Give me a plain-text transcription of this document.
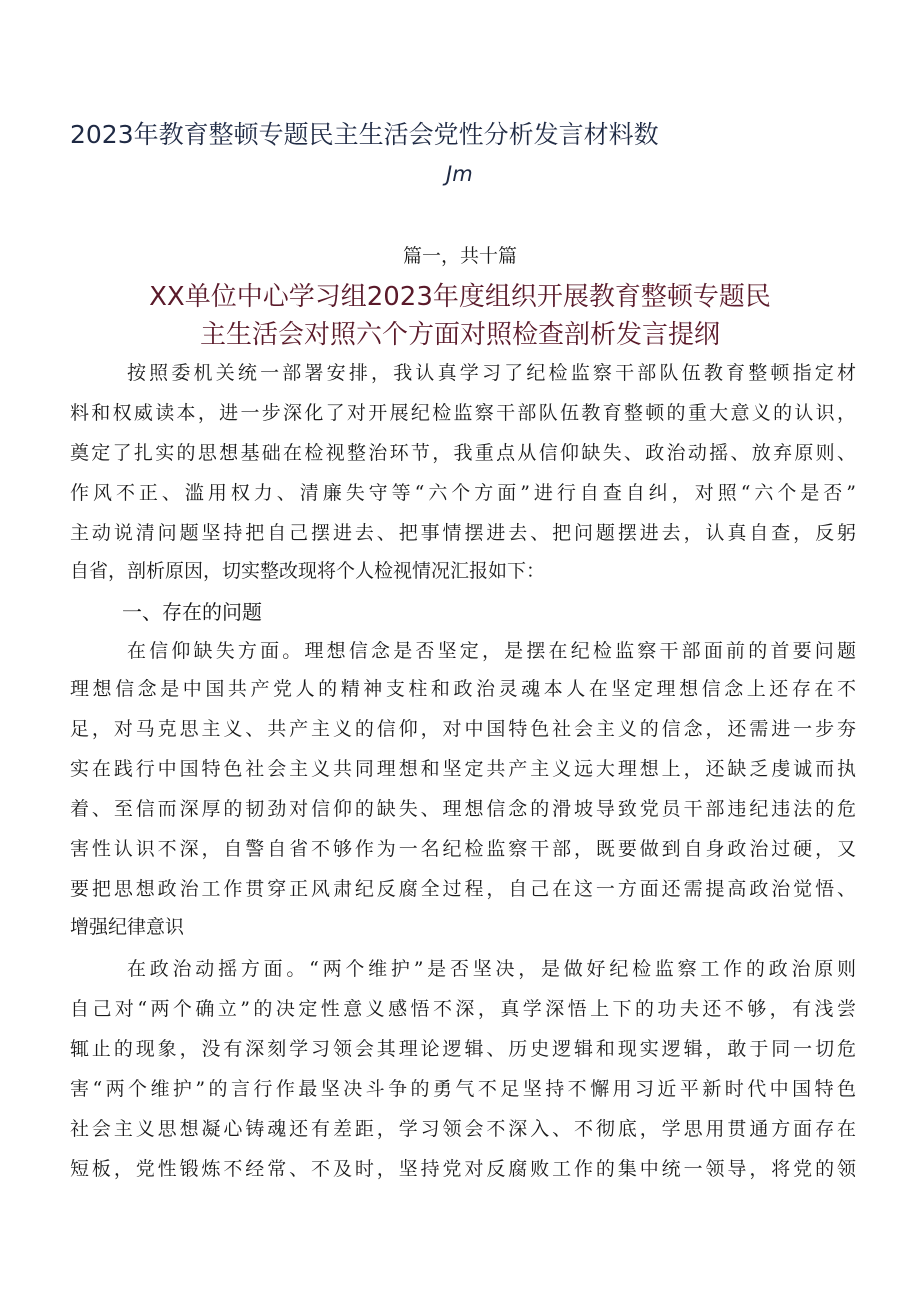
2023年教育整顿专题民主生活会党性分析发言材料数
Jm
篇一，共十篇
XX单位中心学习组2023年度组织开展教育整顿专题民
主生活会对照六个方面对照检查剖析发言提纲
按照委机关统一部署安排，我认真学习了纪检监察干部队伍教育整顿指定材
料和权威读本，进一步深化了对开展纪检监察干部队伍教育整顿的重大意义的认识，
奠定了扎实的思想基础在检视整治环节，我重点从信仰缺失、政治动摇、放弃原则、
作风不正、滥用权力、清廉失守等“六个方面”进行自查自纠，对照“六个是否”
主动说清问题坚持把自己摆进去、把事情摆进去、把问题摆进去，认真自查，反躬
自省，剖析原因，切实整改现将个人检视情况汇报如下：
一、存在的问题
在信仰缺失方面。理想信念是否坚定，是摆在纪检监察干部面前的首要问题
理想信念是中国共产党人的精神支柱和政治灵魂本人在坚定理想信念上还存在不
足，对马克思主义、共产主义的信仰，对中国特色社会主义的信念，还需进一步夯
实在践行中国特色社会主义共同理想和坚定共产主义远大理想上，还缺乏虔诚而执
着、至信而深厚的韧劲对信仰的缺失、理想信念的滑坡导致党员干部违纪违法的危
害性认识不深，自警自省不够作为一名纪检监察干部，既要做到自身政治过硬，又
要把思想政治工作贯穿正风肃纪反腐全过程，自己在这一方面还需提高政治觉悟、
增强纪律意识
在政治动摇方面。“两个维护”是否坚决，是做好纪检监察工作的政治原则
自己对“两个确立”的决定性意义感悟不深，真学深悟上下的功夫还不够，有浅尝
辄止的现象，没有深刻学习领会其理论逻辑、历史逻辑和现实逻辑，敢于同一切危
害“两个维护”的言行作最坚决斗争的勇气不足坚持不懈用习近平新时代中国特色
社会主义思想凝心铸魂还有差距，学习领会不深入、不彻底，学思用贯通方面存在
短板，党性锻炼不经常、不及时，坚持党对反腐败工作的集中统一领导，将党的领
